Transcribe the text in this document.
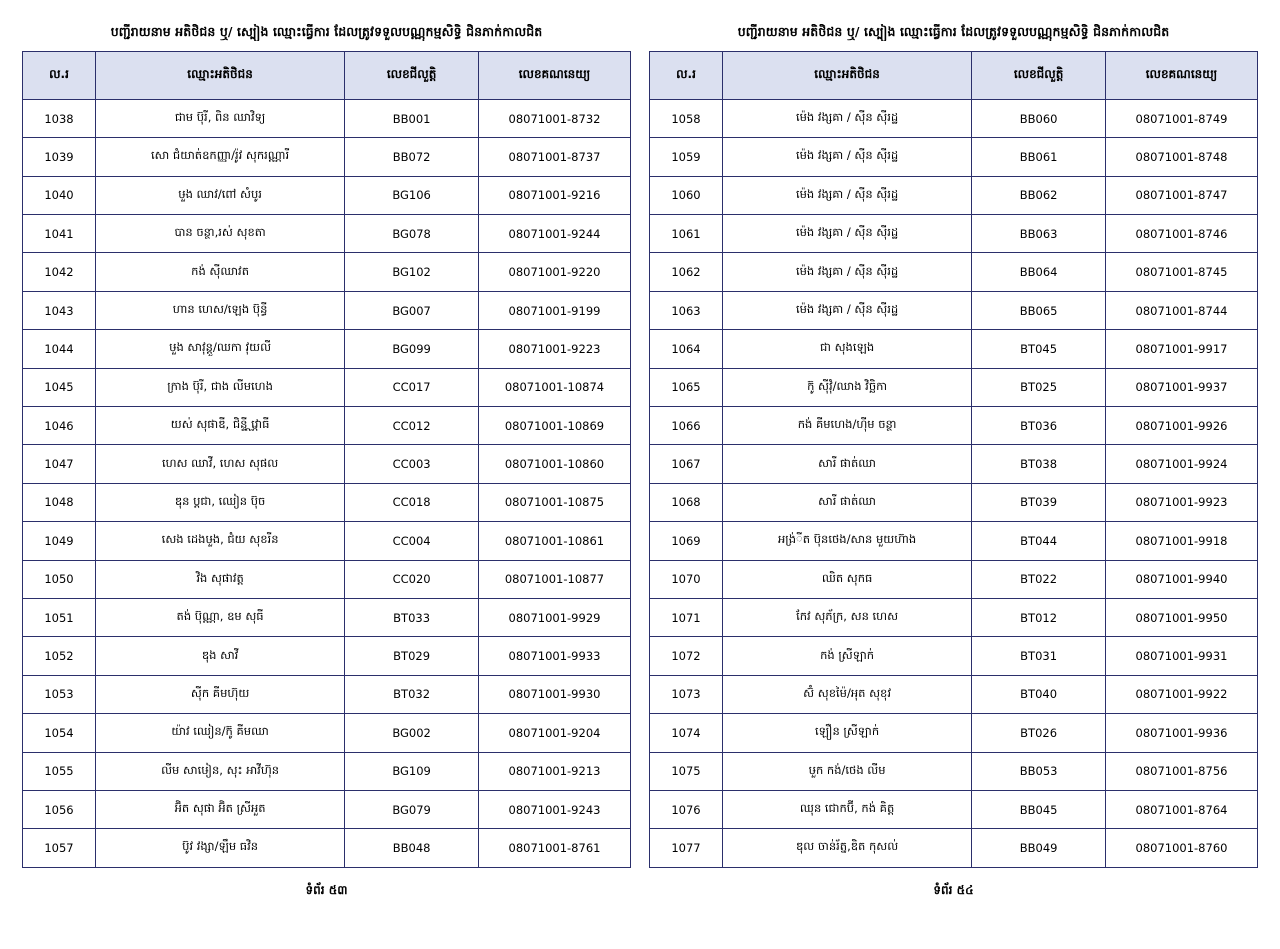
បញ្ជីរាយនាម អតិថិជន ឬ/ ស្បៀង ឈ្មោះធ្វើការ ដែលត្រូវទទួលបណ្ណុកម្មសិទ្ធិ ជិនភាក់កាលជិត
ល.រ	ឈ្មោះអតិថិជន	លេខជីលួត្តិ	លេខគណនេយ្យ
1038	ជាម ប៊ុរី, ពិន ឈាវិទ្យ	BB001	08071001-8732
1039	សោ ជំយាត់ឧកញ្ញា/រ៉ូវ សុករណ្ណារី	BB072	08071001-8737
1040	ឞួង ឈាវ/ពៅ សំបូរ	BG106	08071001-9216
1041	បាន ចន្ថា,រស់ សុខតា	BG078	08071001-9244
1042	កង់ ស៊ីឈាវត	BG102	08071001-9220
1043	ហាន ហេស/ឡេង ប៊ុន្ធី	BG007	08071001-9199
1044	ឞួង សាវុន្តួ/ឈកា វុយលី	BG099	08071001-9223
1045	ក្រាង ប៊ុរី, ជាង លីមហេង	CC017	08071001-10874
1046	យស់ សុផាឌី, ជិន្ទី វ្ណោធី	CC012	08071001-10869
1047	ហេស ឈាវី, ហេស សុផល	CC003	08071001-10860
1048	ឌុន ប្តជា, ឈៀន ប៊ុច	CC018	08071001-10875
1049	សេង ដេងឞួង, ជំយ សុខរីន	CC004	08071001-10861
1050	វិង សុផាវត្ត	CC020	08071001-10877
1051	តង់ ប៊ុណ្ណា, ឧម សុធី	BT033	08071001-9929
1052	ឌុង សាវី	BT029	08071001-9933
1053	ស៊ីក គីមហ៊ុយ	BT032	08071001-9930
1054	យ៉ាវ ឈៀន/ក៊ូ គីមឈា	BG002	08071001-9204
1055	លីម សាឞៀន, សុះ អាវីហ៊ុន	BG109	08071001-9213
1056	អ៊ិត សុផា អ៊ិត ស្រីអួត	BG079	08071001-9243
1057	ប៊ូវ វង្សា/ឡឹម ធវិន	BB048	08071001-8761
ទំព័រ ៥៣
បញ្ជីរាយនាម អតិថិជន ឬ/ ស្បៀង ឈ្មោះធ្វើការ ដែលត្រូវទទួលបណ្ណុកម្មសិទ្ធិ ជិនភាក់កាលជិត
ល.រ	ឈ្មោះអតិថិជន	លេខជីលួត្តិ	លេខគណនេយ្យ
1058	ម៉េង វង្សគា / ស៊ីន ស៊ីរដ្ឋ	BB060	08071001-8749
1059	ម៉េង វង្សគា / ស៊ីន ស៊ីរដ្ឋ	BB061	08071001-8748
1060	ម៉េង វង្សគា / ស៊ីន ស៊ីរដ្ឋ	BB062	08071001-8747
1061	ម៉េង វង្សគា / ស៊ីន ស៊ីរដ្ឋ	BB063	08071001-8746
1062	ម៉េង វង្សគា / ស៊ីន ស៊ីរដ្ឋ	BB064	08071001-8745
1063	ម៉េង វង្សគា / ស៊ីន ស៊ីរដ្ឋ	BB065	08071001-8744
1064	ជា សុងឡេង	BT045	08071001-9917
1065	ក៊ូ ស៊ីវុំ/ឈាង វិច្ឆិកា	BT025	08071001-9937
1066	កង់ គីមហេង/ហ៊ីម ចន្ថា	BT036	08071001-9926
1067	សារី ផាត់ឈា	BT038	08071001-9924
1068	សារី ផាត់ឈា	BT039	08071001-9923
1069	អង់្រីត ប៊ុនថេង/សាន មួយហ៊ាង	BT044	08071001-9918
1070	ឈិត សុកធ	BT022	08071001-9940
1071	កែវ សុភ័ក្រ, សន ហេស	BT012	08071001-9950
1072	កង់ ស្រីឡាក់	BT031	08071001-9931
1073	ស៊ំ សុខម៉ៃ/អុត សុខុវ	BT040	08071001-9922
1074	ឡឿន ស្រីឡាក់	BT026	08071001-9936
1075	ឞួក កង់/ថេង លីម	BB053	08071001-8756
1076	ឈុន ជោកប៊ី, កង់ គិត្ត	BB045	08071001-8764
1077	ឌុល ចាន់រ័ត្ន,ឌិត កុសល់	BB049	08071001-8760
ទំព័រ ៥៤
